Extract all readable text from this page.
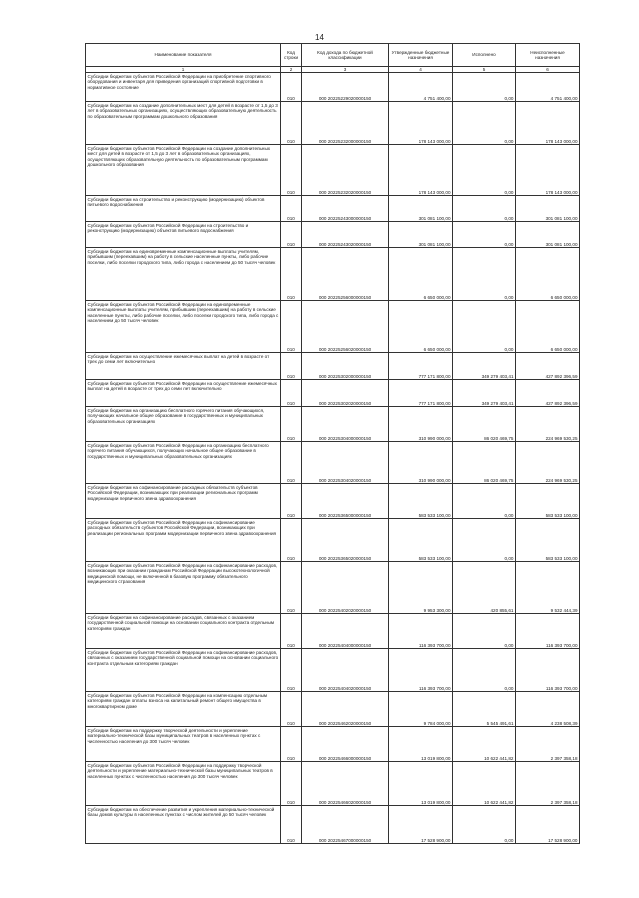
14
Наименование показателя	Код строки	Код дохода по бюджетной классификации	Утвержденные бюджетные назначения	Исполнено	Неисполненные назначения
1	2	3	4	5	6
Субсидии бюджетам субъектов Российской Федерации на приобретение спортивного оборудования и инвентаря для приведения организаций спортивной подготовки в нормативное состояние	010	000 20225229020000150	4 751 400,00	0,00	4 751 400,00
Субсидии бюджетам на создание дополнительных мест для детей в возрасте от 1,5 до 3 лет в образовательных организациях, осуществляющих образовательную деятельность по образовательным программам дошкольного образования	010	000 20225232000000150	178 143 000,00	0,00	178 143 000,00
Субсидии бюджетам субъектов Российской Федерации на создание дополнительных мест для детей в возрасте от 1,5 до 3 лет в образовательных организациях, осуществляющих образовательную деятельность по образовательным программам дошкольного образования	010	000 20225232020000150	178 143 000,00	0,00	178 143 000,00
Субсидии бюджетам на строительство и реконструкцию (модернизацию) объектов питьевого водоснабжения	010	000 20225243000000150	301 081 100,00	0,00	301 081 100,00
Субсидии бюджетам субъектов Российской Федерации на строительство и реконструкцию (модернизацию) объектов питьевого водоснабжения	010	000 20225243020000150	301 081 100,00	0,00	301 081 100,00
Субсидии бюджетам на единовременные компенсационные выплаты учителям, прибывшим (переехавшим) на работу в сельские населенные пункты, либо рабочие поселки, либо поселки городского типа, либо города с населением до 50 тысяч человек	010	000 20225256000000150	6 650 000,00	0,00	6 650 000,00
Субсидии бюджетам субъектов Российской Федерации на единовременные компенсационные выплаты учителям, прибывшим (переехавшим) на работу в сельские населенные пункты, либо рабочие поселки, либо поселки городского типа, либо города с населением до 50 тысяч человек	010	000 20225256020000150	6 650 000,00	0,00	6 650 000,00
Субсидии бюджетам на осуществление ежемесячных выплат на детей в возрасте от трех до семи лет включительно	010	000 20225302000000150	777 171 800,00	349 279 403,41	427 892 396,59
Субсидии бюджетам субъектов Российской Федерации на осуществление ежемесячных выплат на детей в возрасте от трех до семи лет включительно	010	000 20225302020000150	777 171 800,00	349 279 403,41	427 892 396,59
Субсидии бюджетам на организацию бесплатного горячего питания обучающихся, получающих начальное общее образование в государственных и муниципальных образовательных организациях	010	000 20225304000000150	310 990 000,00	86 020 469,75	224 969 530,25
Субсидии бюджетам субъектов Российской Федерации на организацию бесплатного горячего питания обучающихся, получающих начальное общее образование в государственных и муниципальных образовательных организациях	010	000 20225304020000150	310 990 000,00	86 020 469,75	224 969 530,25
Субсидии бюджетам на софинансирование расходных обязательств субъектов Российской Федерации, возникающих при реализации региональных программ модернизации первичного звена здравоохранения	010	000 20225365000000150	583 533 100,00	0,00	583 533 100,00
Субсидии бюджетам субъектов Российской Федерации на софинансирование расходных обязательств субъектов Российской Федерации, возникающих при реализации региональных программ модернизации первичного звена здравоохранения	010	000 20225365020000150	583 533 100,00	0,00	583 533 100,00
Субсидии бюджетам субъектов Российской Федерации на софинансирование расходов, возникающих при оказании гражданам Российской Федерации высокотехнологичной медицинской помощи, не включенной в базовую программу обязательного медицинского страхования	010	000 20225402020000150	9 953 300,00	420 855,61	9 532 444,39
Субсидии бюджетам на софинансирование расходов, связанных с оказанием государственной социальной помощи на основании социального контракта отдельным категориям граждан	010	000 20225404000000150	116 393 700,00	0,00	116 393 700,00
Субсидии бюджетам субъектов Российской Федерации на софинансирование расходов, связанных с оказанием государственной социальной помощи на основании социального контракта отдельным категориям граждан	010	000 20225404020000150	116 393 700,00	0,00	116 393 700,00
Субсидии бюджетам субъектов Российской Федерации на компенсацию отдельным категориям граждан оплаты взноса на капитальный ремонт общего имущества в многоквартирном доме	010	000 20225462020000150	9 784 000,00	5 545 491,61	4 238 508,39
Субсидии бюджетам на поддержку творческой деятельности и укрепление материально-технической базы муниципальных театров в населенных пунктах с численностью населения до 300 тысяч человек	010	000 20225466000000150	13 019 800,00	10 622 441,82	2 397 358,18
Субсидии бюджетам субъектов Российской Федерации на поддержку творческой деятельности и укрепление материально-технической базы муниципальных театров в населенных пунктах с численностью населения до 300 тысяч человек	010	000 20225466020000150	13 019 800,00	10 622 441,82	2 397 358,18
Субсидии бюджетам на обеспечение развития и укрепления материально-технической базы домов культуры в населенных пунктах с числом жителей до 50 тысяч человек	010	000 20225467000000150	17 528 900,00	0,00	17 528 900,00
